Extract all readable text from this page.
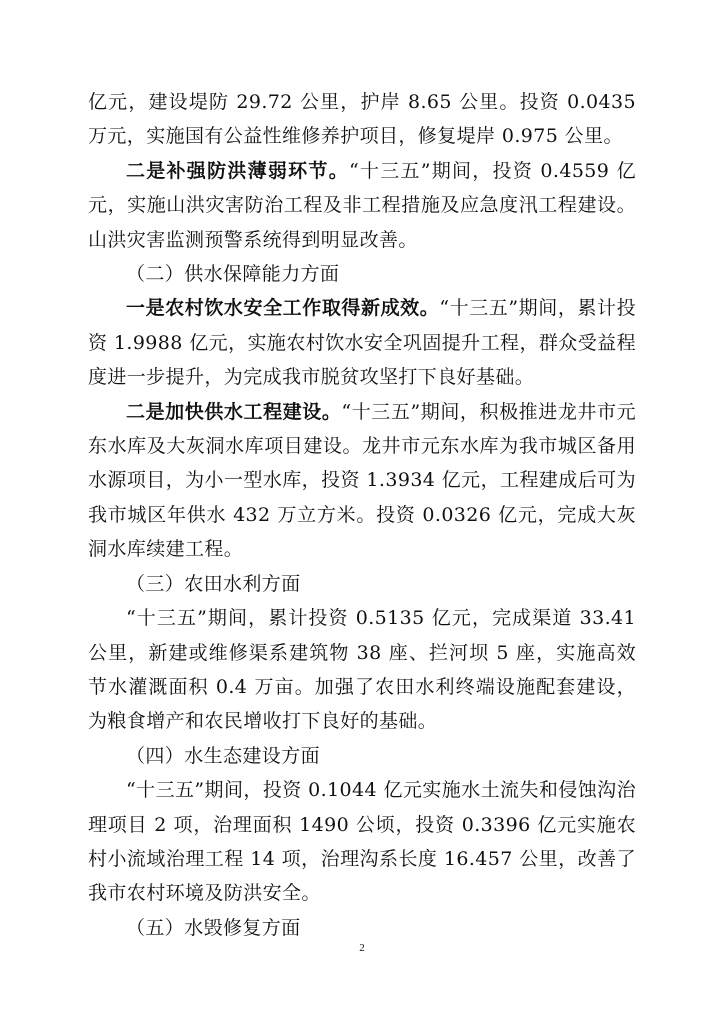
亿元，建设堤防 29.72 公里，护岸 8.65 公里。投资 0.0435 万元，实施国有公益性维修养护项目，修复堤岸 0.975 公里。

二是补强防洪薄弱环节。“十三五”期间，投资 0.4559 亿元，实施山洪灾害防治工程及非工程措施及应急度汛工程建设。山洪灾害监测预警系统得到明显改善。

（二）供水保障能力方面

一是农村饮水安全工作取得新成效。“十三五”期间，累计投资 1.9988 亿元，实施农村饮水安全巩固提升工程，群众受益程度进一步提升，为完成我市脱贫攻坚打下良好基础。

二是加快供水工程建设。“十三五”期间，积极推进龙井市元东水库及大灰洞水库项目建设。龙井市元东水库为我市城区备用水源项目，为小一型水库，投资 1.3934 亿元，工程建成后可为我市城区年供水 432 万立方米。投资 0.0326 亿元，完成大灰洞水库续建工程。

（三）农田水利方面

“十三五”期间，累计投资 0.5135 亿元，完成渠道 33.41 公里，新建或维修渠系建筑物 38 座、拦河坝 5 座，实施高效节水灌溉面积 0.4 万亩。加强了农田水利终端设施配套建设，为粮食增产和农民增收打下良好的基础。

（四）水生态建设方面

“十三五”期间，投资 0.1044 亿元实施水土流失和侵蚀沟治理项目 2 项，治理面积 1490 公顷，投资 0.3396 亿元实施农村小流域治理工程 14 项，治理沟系长度 16.457 公里，改善了我市农村环境及防洪安全。

（五）水毁修复方面

2
